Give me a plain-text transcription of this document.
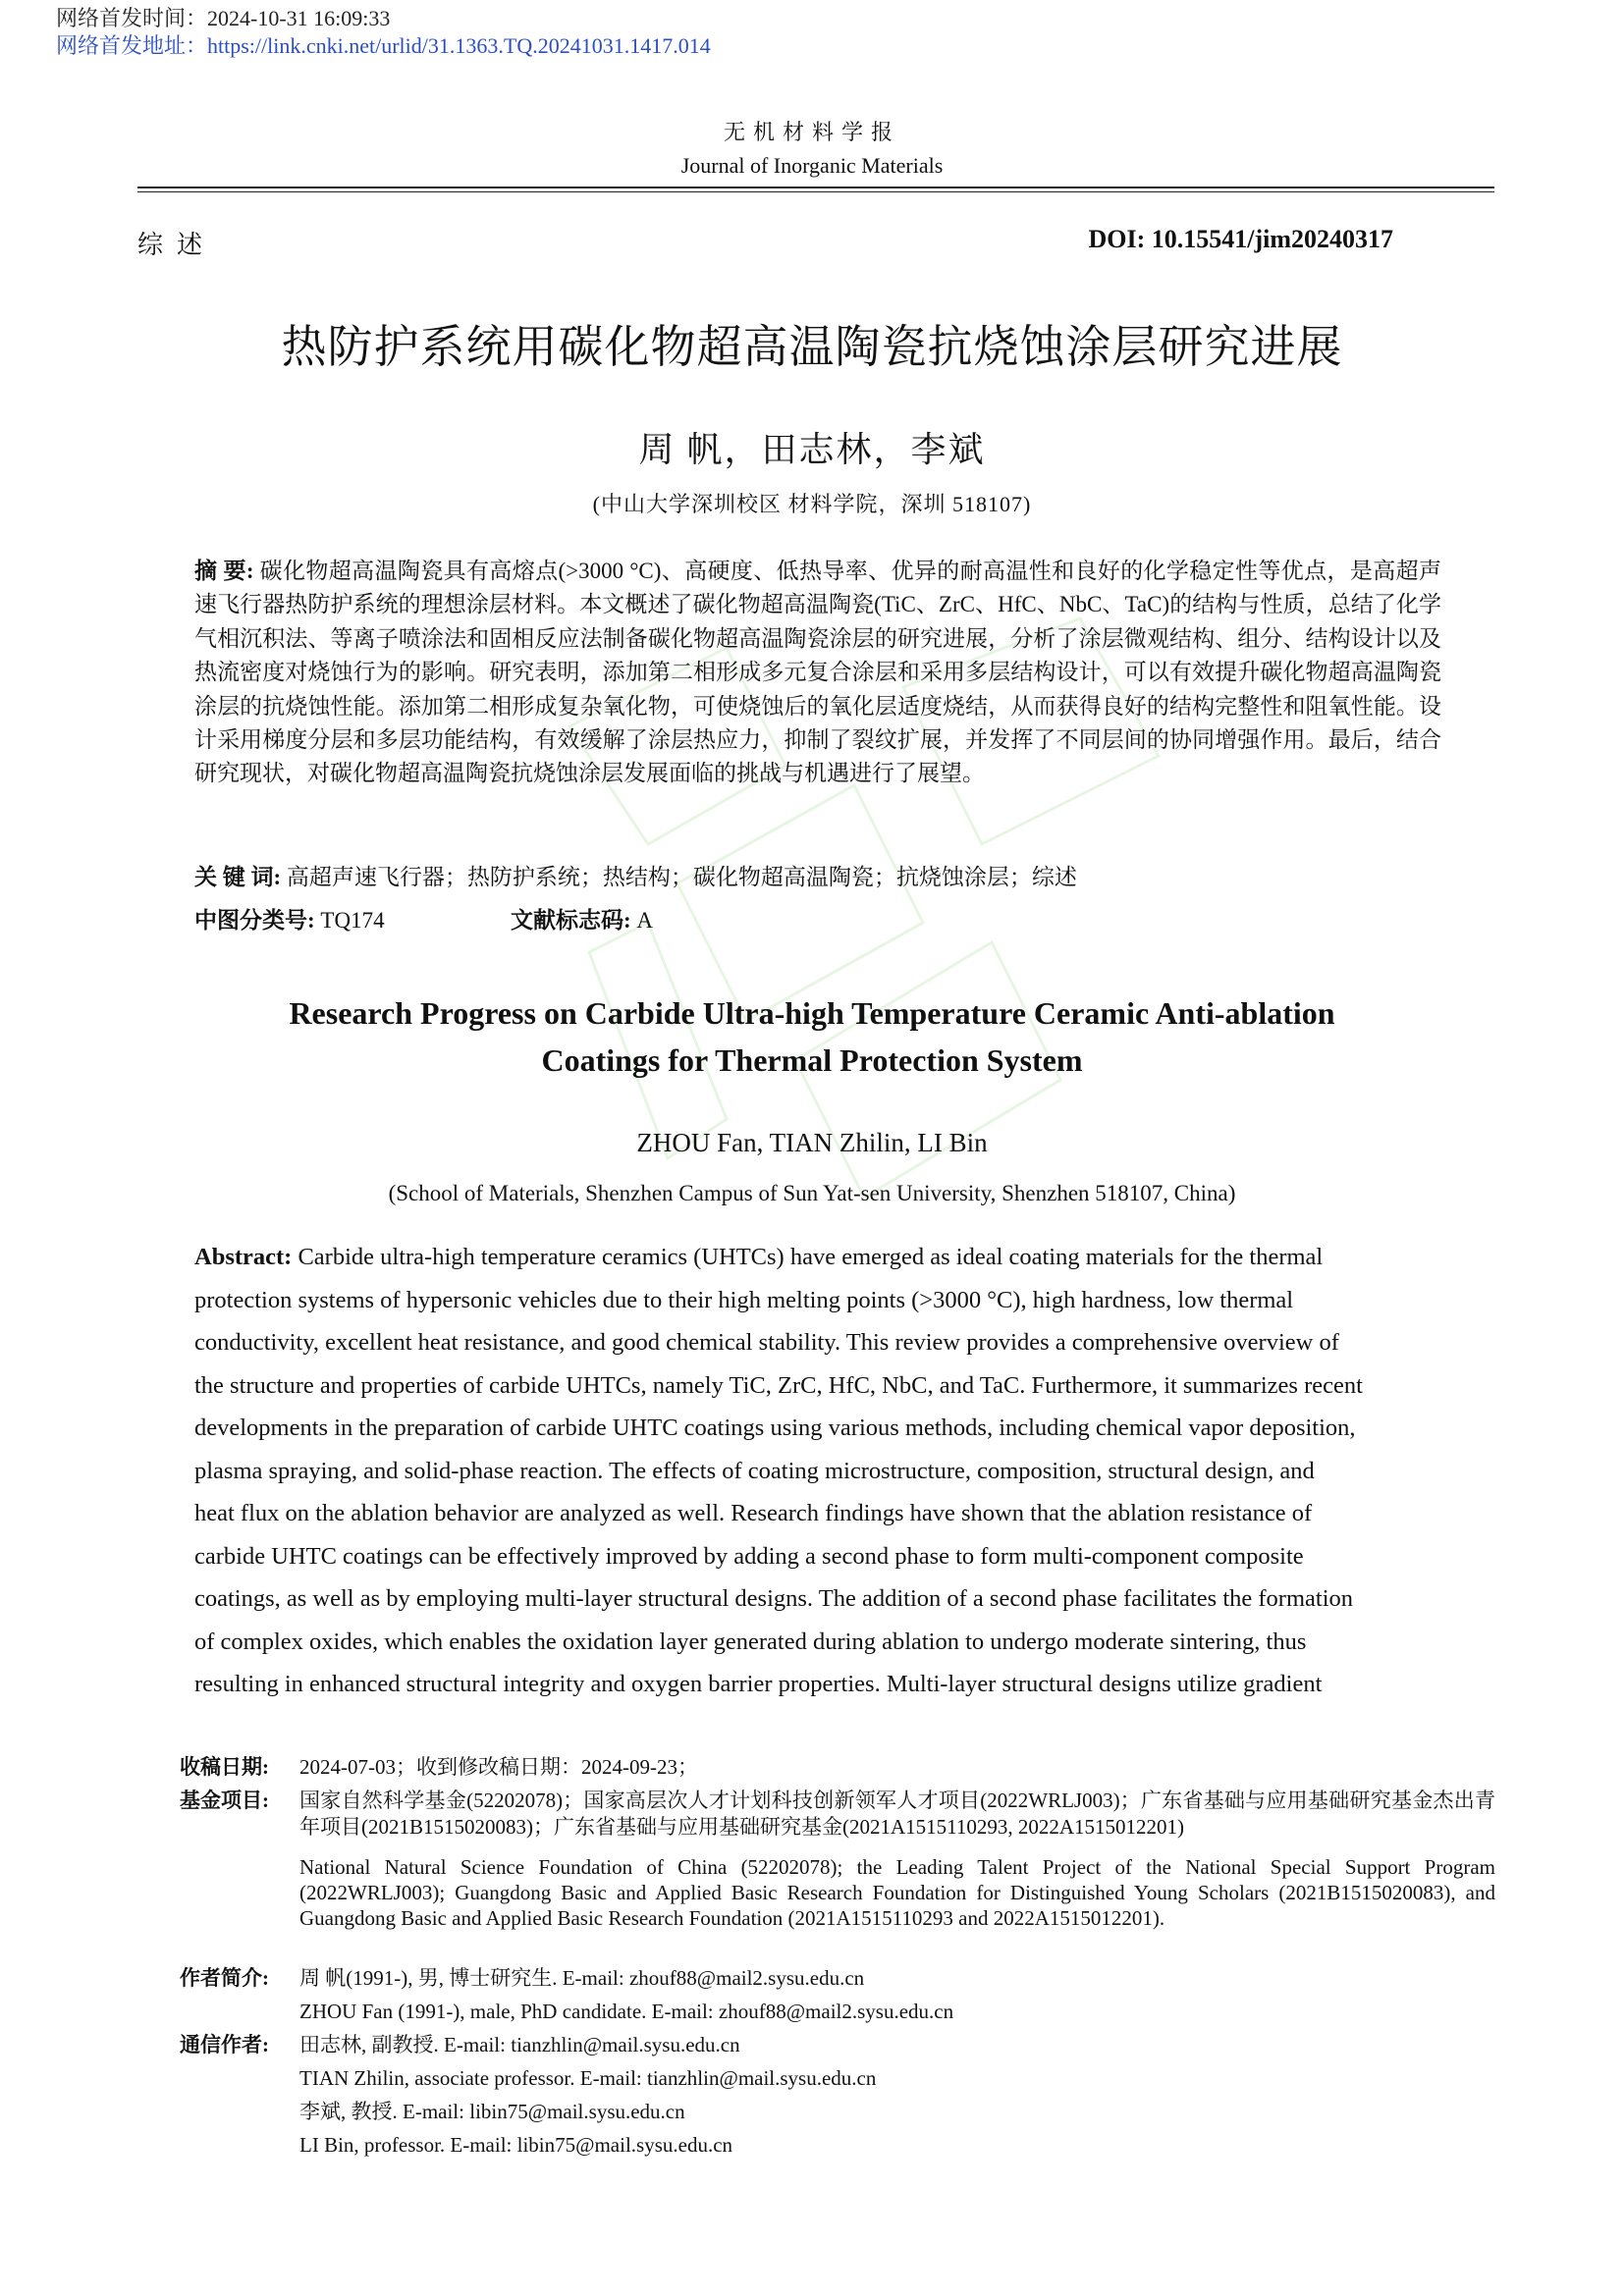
网络首发时间：2024-10-31 16:09:33
网络首发地址：https://link.cnki.net/urlid/31.1363.TQ.20241031.1417.014
无机材料学报
Journal of Inorganic Materials
综述	DOI: 10.15541/jim20240317
热防护系统用碳化物超高温陶瓷抗烧蚀涂层研究进展
周 帆，田志林，李斌
(中山大学深圳校区 材料学院，深圳 518107)
摘 要: 碳化物超高温陶瓷具有高熔点(>3000 °C)、高硬度、低热导率、优异的耐高温性和良好的化学稳定性等优点，是高超声速飞行器热防护系统的理想涂层材料。本文概述了碳化物超高温陶瓷(TiC、ZrC、HfC、NbC、TaC)的结构与性质，总结了化学气相沉积法、等离子喷涂法和固相反应法制备碳化物超高温陶瓷涂层的研究进展，分析了涂层微观结构、组分、结构设计以及热流密度对烧蚀行为的影响。研究表明，添加第二相形成多元复合涂层和采用多层结构设计，可以有效提升碳化物超高温陶瓷涂层的抗烧蚀性能。添加第二相形成复杂氧化物，可使烧蚀后的氧化层适度烧结，从而获得良好的结构完整性和阻氧性能。设计采用梯度分层和多层功能结构，有效缓解了涂层热应力，抑制了裂纹扩展，并发挥了不同层间的协同增强作用。最后，结合研究现状，对碳化物超高温陶瓷抗烧蚀涂层发展面临的挑战与机遇进行了展望。
关 键 词: 高超声速飞行器；热防护系统；热结构；碳化物超高温陶瓷；抗烧蚀涂层；综述
中图分类号: TQ174	文献标志码: A
Research Progress on Carbide Ultra-high Temperature Ceramic Anti-ablation
Coatings for Thermal Protection System
ZHOU Fan, TIAN Zhilin, LI Bin
(School of Materials, Shenzhen Campus of Sun Yat-sen University, Shenzhen 518107, China)
Abstract: Carbide ultra-high temperature ceramics (UHTCs) have emerged as ideal coating materials for the thermal
protection systems of hypersonic vehicles due to their high melting points (>3000 °C), high hardness, low thermal
conductivity, excellent heat resistance, and good chemical stability. This review provides a comprehensive overview of
the structure and properties of carbide UHTCs, namely TiC, ZrC, HfC, NbC, and TaC. Furthermore, it summarizes recent
developments in the preparation of carbide UHTC coatings using various methods, including chemical vapor deposition,
plasma spraying, and solid-phase reaction. The effects of coating microstructure, composition, structural design, and
heat flux on the ablation behavior are analyzed as well. Research findings have shown that the ablation resistance of
carbide UHTC coatings can be effectively improved by adding a second phase to form multi-component composite
coatings, as well as by employing multi-layer structural designs. The addition of a second phase facilitates the formation
of complex oxides, which enables the oxidation layer generated during ablation to undergo moderate sintering, thus
resulting in enhanced structural integrity and oxygen barrier properties. Multi-layer structural designs utilize gradient
收稿日期: 2024-07-03；收到修改稿日期：2024-09-23；
基金项目: 国家自然科学基金(52202078)；国家高层次人才计划科技创新领军人才项目(2022WRLJ003)；广东省基础与应用基础研究基金杰出青年项目(2021B1515020083)；广东省基础与应用基础研究基金(2021A1515110293, 2022A1515012201)
National Natural Science Foundation of China (52202078); the Leading Talent Project of the National Special Support Program (2022WRLJ003); Guangdong Basic and Applied Basic Research Foundation for Distinguished Young Scholars (2021B1515020083), and Guangdong Basic and Applied Basic Research Foundation (2021A1515110293 and 2022A1515012201).
作者简介: 周 帆(1991-), 男, 博士研究生. E-mail: zhouf88@mail2.sysu.edu.cn
ZHOU Fan (1991-), male, PhD candidate. E-mail: zhouf88@mail2.sysu.edu.cn
通信作者: 田志林, 副教授. E-mail: tianzhlin@mail.sysu.edu.cn
TIAN Zhilin, associate professor. E-mail: tianzhlin@mail.sysu.edu.cn
李斌, 教授. E-mail: libin75@mail.sysu.edu.cn
LI Bin, professor. E-mail: libin75@mail.sysu.edu.cn
